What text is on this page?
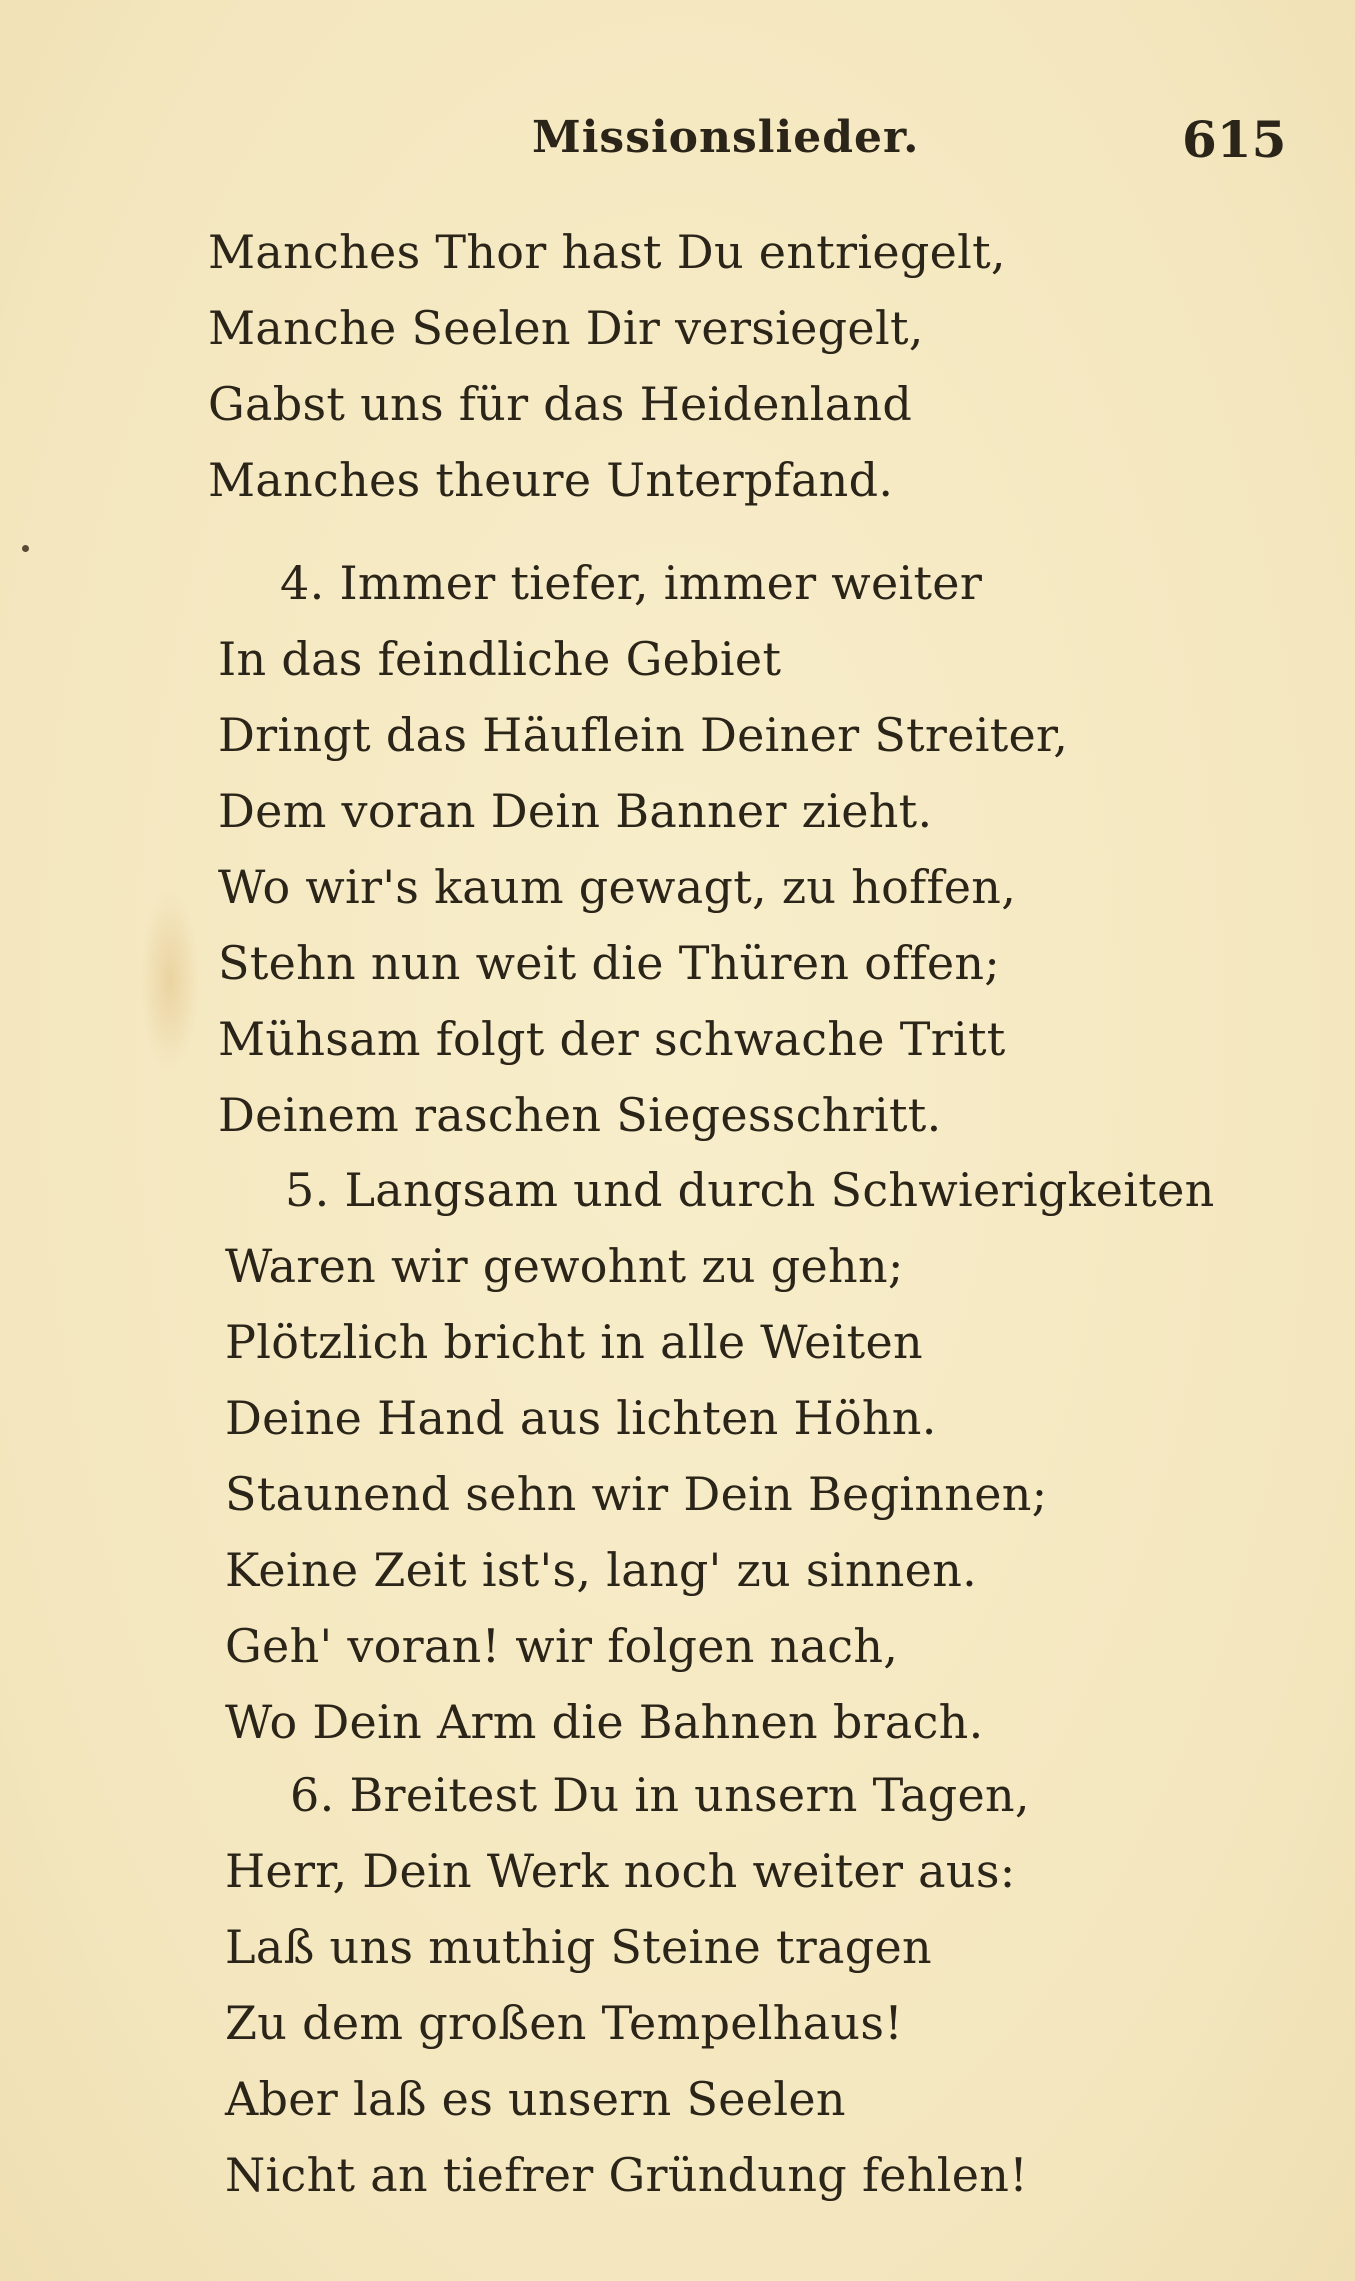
Missionslieder.	615
Manches Thor hast Du entriegelt,
Manche Seelen Dir versiegelt,
Gabst uns für das Heidenland
Manches theure Unterpfand.
4. Immer tiefer, immer weiter
In das feindliche Gebiet
Dringt das Häuflein Deiner Streiter,
Dem voran Dein Banner zieht.
Wo wir's kaum gewagt, zu hoffen,
Stehn nun weit die Thüren offen;
Mühsam folgt der schwache Tritt
Deinem raschen Siegesschritt.
5. Langsam und durch Schwierigkeiten
Waren wir gewohnt zu gehn;
Plötzlich bricht in alle Weiten
Deine Hand aus lichten Höhn.
Staunend sehn wir Dein Beginnen;
Keine Zeit ist's, lang' zu sinnen.
Geh' voran! wir folgen nach,
Wo Dein Arm die Bahnen brach.
6. Breitest Du in unsern Tagen,
Herr, Dein Werk noch weiter aus:
Laß uns muthig Steine tragen
Zu dem großen Tempelhaus!
Aber laß es unsern Seelen
Nicht an tiefrer Gründung fehlen!
